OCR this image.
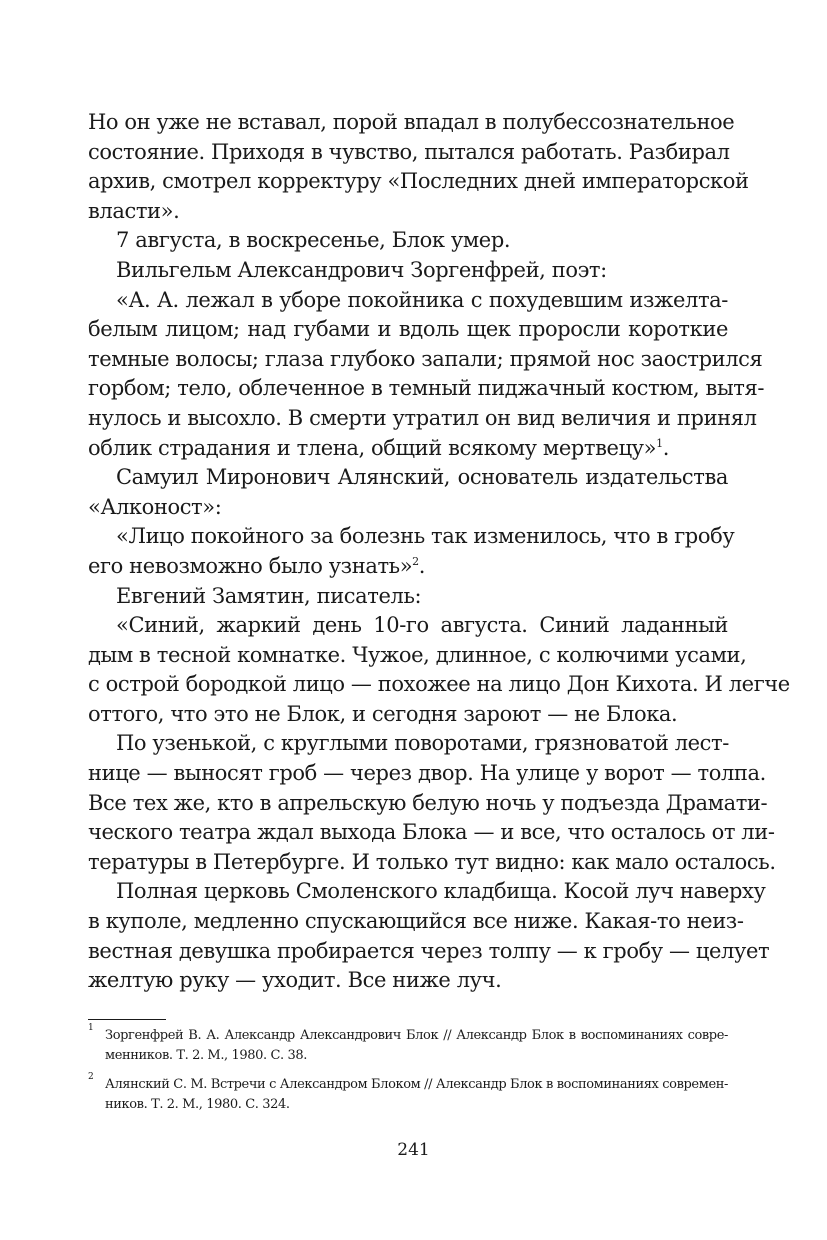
Но он уже не вставал, порой впадал в полубессознательное
состояние. Приходя в чувство, пытался работать. Разбирал
архив, смотрел корректуру «Последних дней императорской
власти».
7 августа, в воскресенье, Блок умер.
Вильгельм Александрович Зоргенфрей, поэт:
«А. А. лежал в уборе покойника с похудевшим изжелта-
белым лицом; над губами и вдоль щек проросли короткие
темные волосы; глаза глубоко запали; прямой нос заострился
горбом; тело, облеченное в темный пиджачный костюм, вытя-
нулось и высохло. В смерти утратил он вид величия и принял
облик страдания и тлена, общий всякому мертвецу»$^1$.
Самуил Миронович Алянский, основатель издательства
«Алконост»:
«Лицо покойного за болезнь так изменилось, что в гробу
его невозможно было узнать»$^2$.
Евгений Замятин, писатель:
«Синий, жаркий день 10-го августа. Синий ладанный
дым в тесной комнатке. Чужое, длинное, с колючими усами,
с острой бородкой лицо — похожее на лицо Дон Кихота. И легче
оттого, что это не Блок, и сегодня зароют — не Блока.
По узенькой, с круглыми поворотами, грязноватой лест-
нице — выносят гроб — через двор. На улице у ворот — толпа.
Все тех же, кто в апрельскую белую ночь у подъезда Драмати-
ческого театра ждал выхода Блока — и все, что осталось от ли-
тературы в Петербурге. И только тут видно: как мало осталось.
Полная церковь Смоленского кладбища. Косой луч наверху
в куполе, медленно спускающийся все ниже. Какая-то неиз-
вестная девушка пробирается через толпу — к гробу — целует
желтую руку — уходит. Все ниже луч.
1 Зоргенфрей В. А. Александр Александрович Блок // Александр Блок в воспоминаниях совре-
менников. Т. 2. М., 1980. С. 38.
2 Алянский С. М. Встречи с Александром Блоком // Александр Блок в воспоминаниях современ-
ников. Т. 2. М., 1980. С. 324.
241
